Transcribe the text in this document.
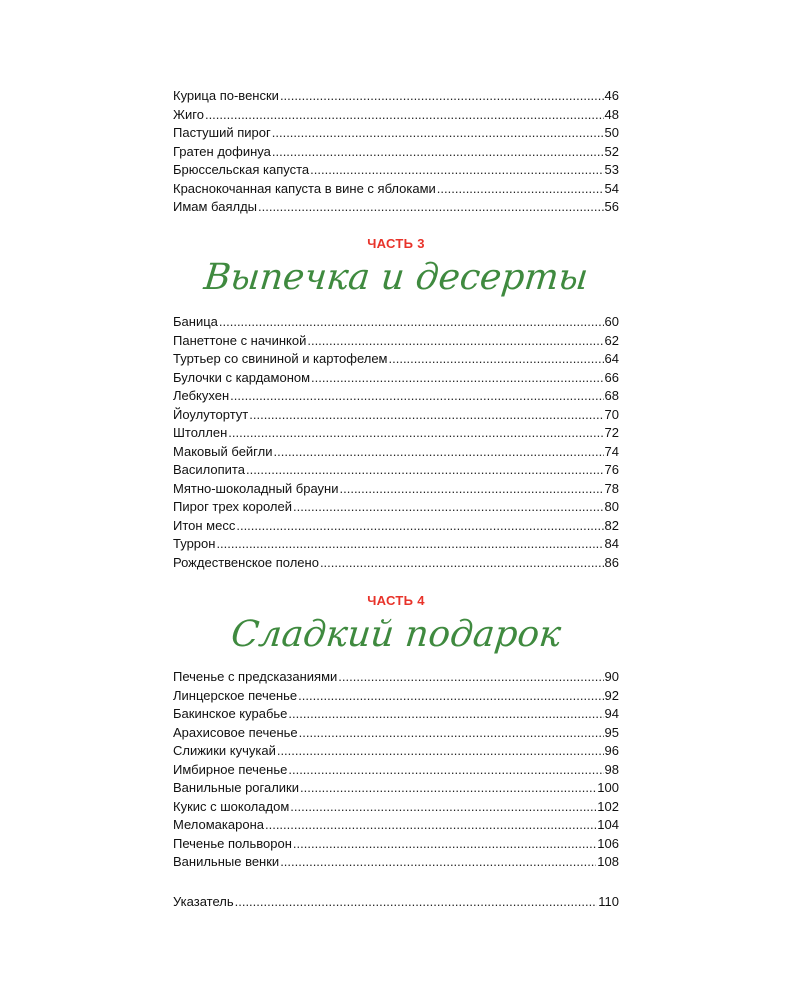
Курица по-венски .....	46
Жиго .....	48
Пастуший пирог .....	50
Гратен дофинуа .....	52
Брюссельская капуста .....	53
Краснокочанная капуста в вине с яблоками .....	54
Имам баялды .....	56
ЧАСТЬ 3
Выпечка и десерты
Баница .....	60
Панеттоне с начинкой .....	62
Туртьер со свининой и картофелем .....	64
Булочки с кардамоном .....	66
Лебкухен .....	68
Йоулутортут .....	70
Штоллен .....	72
Маковый бейгли .....	74
Василопита .....	76
Мятно-шоколадный брауни .....	78
Пирог трех королей .....	80
Итон месс .....	82
Туррон .....	84
Рождественское полено .....	86
ЧАСТЬ 4
Сладкий подарок
Печенье с предсказаниями .....	90
Линцерское печенье .....	92
Бакинское курабье .....	94
Арахисовое печенье .....	95
Слижики кучукай .....	96
Имбирное печенье .....	98
Ванильные рогалики .....	100
Кукис с шоколадом .....	102
Меломакарона .....	104
Печенье польворон .....	106
Ванильные венки .....	108
Указатель .....	110
